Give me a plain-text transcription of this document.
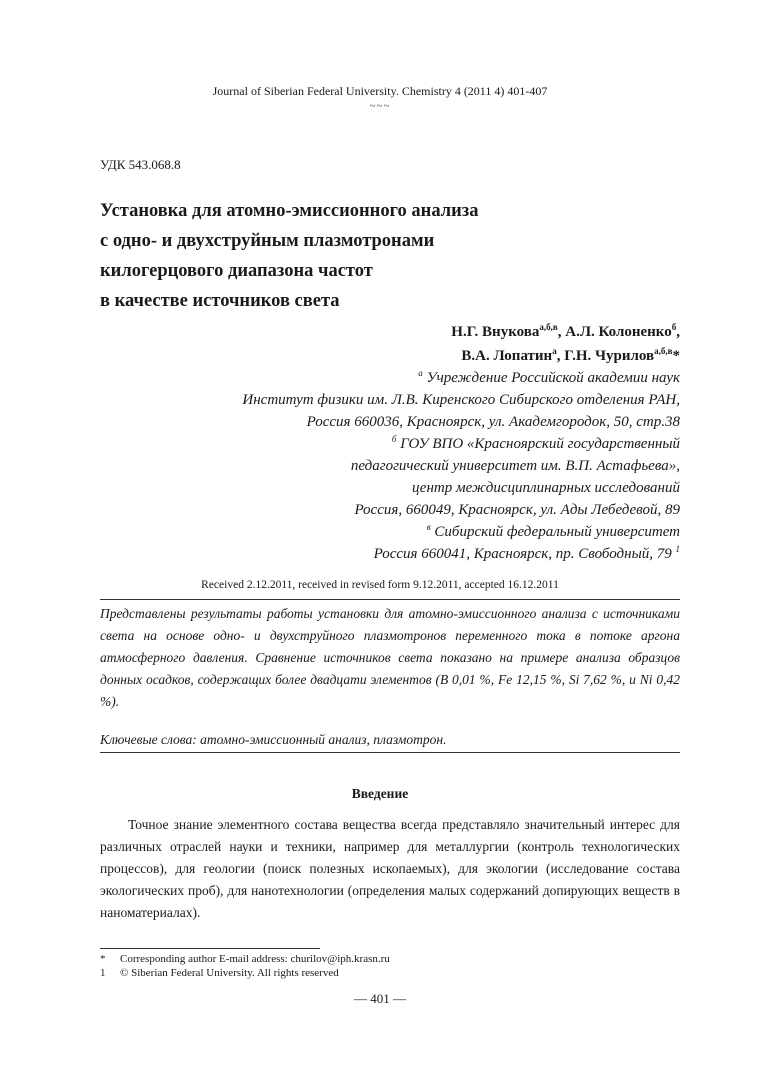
Journal of Siberian Federal University. Chemistry 4 (2011 4) 401-407
~~~
УДК 543.068.8
Установка для атомно-эмиссионного анализа
с одно- и двухструйным плазмотронами
килогерцового диапазона частот
в качестве источников света
Н.Г. Внукова$^{а,б,в}$, А.Л. Колоненко$^б$,
В.А. Лопатин$^а$, Г.Н. Чурилов$^{а,б,в}$*
$^а$ Учреждение Российской академии наук
Институт физики им. Л.В. Киренского Сибирского отделения РАН,
Россия 660036, Красноярск, ул. Академгородок, 50, стр.38
$^б$ ГОУ ВПО «Красноярский государственный
педагогический университет им. В.П. Астафьева»,
центр междисциплинарных исследований
Россия, 660049, Красноярск, ул. Ады Лебедевой, 89
$^в$ Сибирский федеральный университет
Россия 660041, Красноярск, пр. Свободный, 79 $^1$
Received 2.12.2011, received in revised form 9.12.2011, accepted 16.12.2011
Представлены результаты работы установки для атомно-эмиссионного анализа с источниками света на основе одно- и двухструйного плазмотронов переменного тока в потоке аргона атмосферного давления. Сравнение источников света показано на примере анализа образцов донных осадков, содержащих более двадцати элементов (B 0,01 %, Fe 12,15 %, Si 7,62 %, и Ni 0,42 %).
Ключевые слова: атомно-эмиссионный анализ, плазмотрон.
Введение

Точное знание элементного состава вещества всегда представляло значительный интерес для различных отраслей науки и техники, например для металлургии (контроль технологических процессов), для геологии (поиск полезных ископаемых), для экологии (исследование состава экологических проб), для нанотехнологии (определения малых содержаний допирующих веществ в наноматериалах).

* Corresponding author E-mail address: churilov@iph.krasn.ru
1 © Siberian Federal University. All rights reserved
— 401 —
